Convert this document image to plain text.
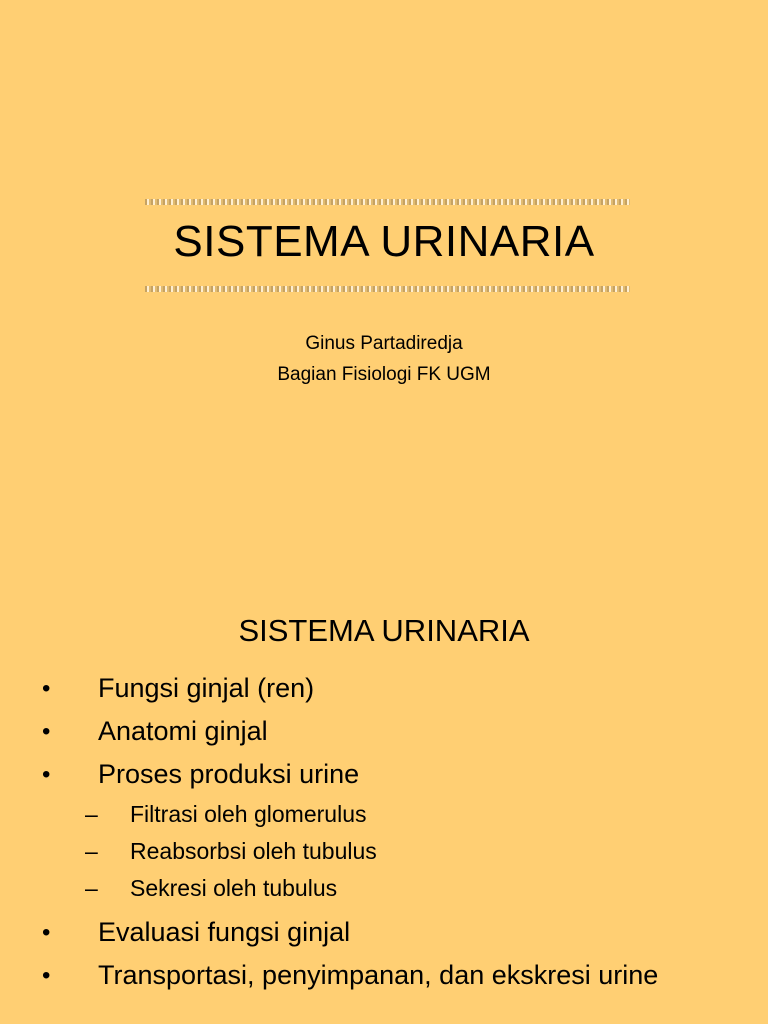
SISTEMA URINARIA
Ginus Partadiredja
Bagian Fisiologi FK UGM
SISTEMA URINARIA
• Fungsi ginjal (ren)
• Anatomi ginjal
• Proses produksi urine
– Filtrasi oleh glomerulus
– Reabsorbsi oleh tubulus
– Sekresi oleh tubulus
• Evaluasi fungsi ginjal
• Transportasi, penyimpanan, dan ekskresi urine
